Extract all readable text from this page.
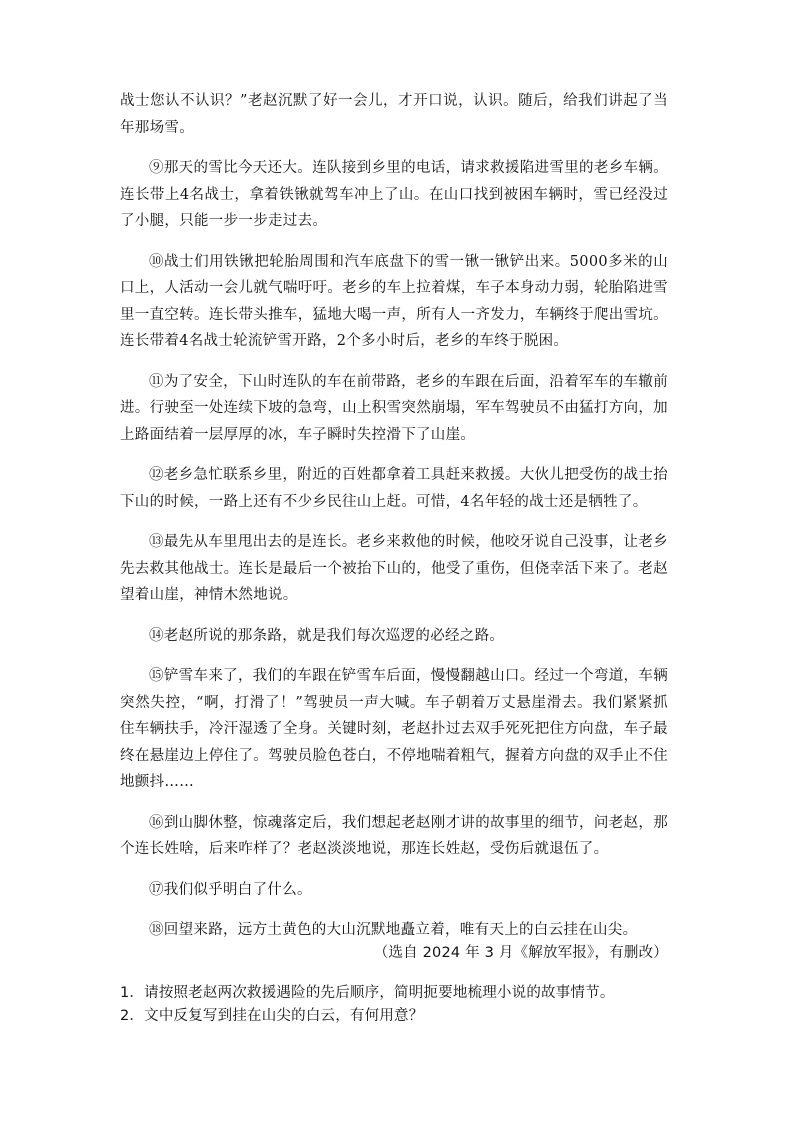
战士您认不认识？”老赵沉默了好一会儿，才开口说，认识。随后，给我们讲起了当年那场雪。

⑨那天的雪比今天还大。连队接到乡里的电话，请求救援陷进雪里的老乡车辆。连长带上4名战士，拿着铁锹就驾车冲上了山。在山口找到被困车辆时，雪已经没过了小腿，只能一步一步走过去。

⑩战士们用铁锹把轮胎周围和汽车底盘下的雪一锹一锹铲出来。5000多米的山口上，人活动一会儿就气喘吁吁。老乡的车上拉着煤，车子本身动力弱，轮胎陷进雪里一直空转。连长带头推车，猛地大喝一声，所有人一齐发力，车辆终于爬出雪坑。连长带着4名战士轮流铲雪开路，2个多小时后，老乡的车终于脱困。

⑪为了安全，下山时连队的车在前带路，老乡的车跟在后面，沿着军车的车辙前进。行驶至一处连续下坡的急弯，山上积雪突然崩塌，军车驾驶员不由猛打方向，加上路面结着一层厚厚的冰，车子瞬时失控滑下了山崖。

⑫老乡急忙联系乡里，附近的百姓都拿着工具赶来救援。大伙儿把受伤的战士抬下山的时候，一路上还有不少乡民往山上赶。可惜，4名年轻的战士还是牺牲了。

⑬最先从车里甩出去的是连长。老乡来救他的时候，他咬牙说自己没事，让老乡先去救其他战士。连长是最后一个被抬下山的，他受了重伤，但侥幸活下来了。老赵望着山崖，神情木然地说。

⑭老赵所说的那条路，就是我们每次巡逻的必经之路。

⑮铲雪车来了，我们的车跟在铲雪车后面，慢慢翻越山口。经过一个弯道，车辆突然失控，“啊，打滑了！”驾驶员一声大喊。车子朝着万丈悬崖滑去。我们紧紧抓住车辆扶手，冷汗湿透了全身。关键时刻，老赵扑过去双手死死把住方向盘，车子最终在悬崖边上停住了。驾驶员脸色苍白，不停地喘着粗气，握着方向盘的双手止不住地颤抖……

⑯到山脚休整，惊魂落定后，我们想起老赵刚才讲的故事里的细节，问老赵，那个连长姓啥，后来咋样了？老赵淡淡地说，那连长姓赵，受伤后就退伍了。

⑰我们似乎明白了什么。

⑱回望来路，远方土黄色的大山沉默地矗立着，唯有天上的白云挂在山尖。

（选自 2024 年 3 月《解放军报》，有删改）

1．请按照老赵两次救援遇险的先后顺序，简明扼要地梳理小说的故事情节。

2．文中反复写到挂在山尖的白云，有何用意？
